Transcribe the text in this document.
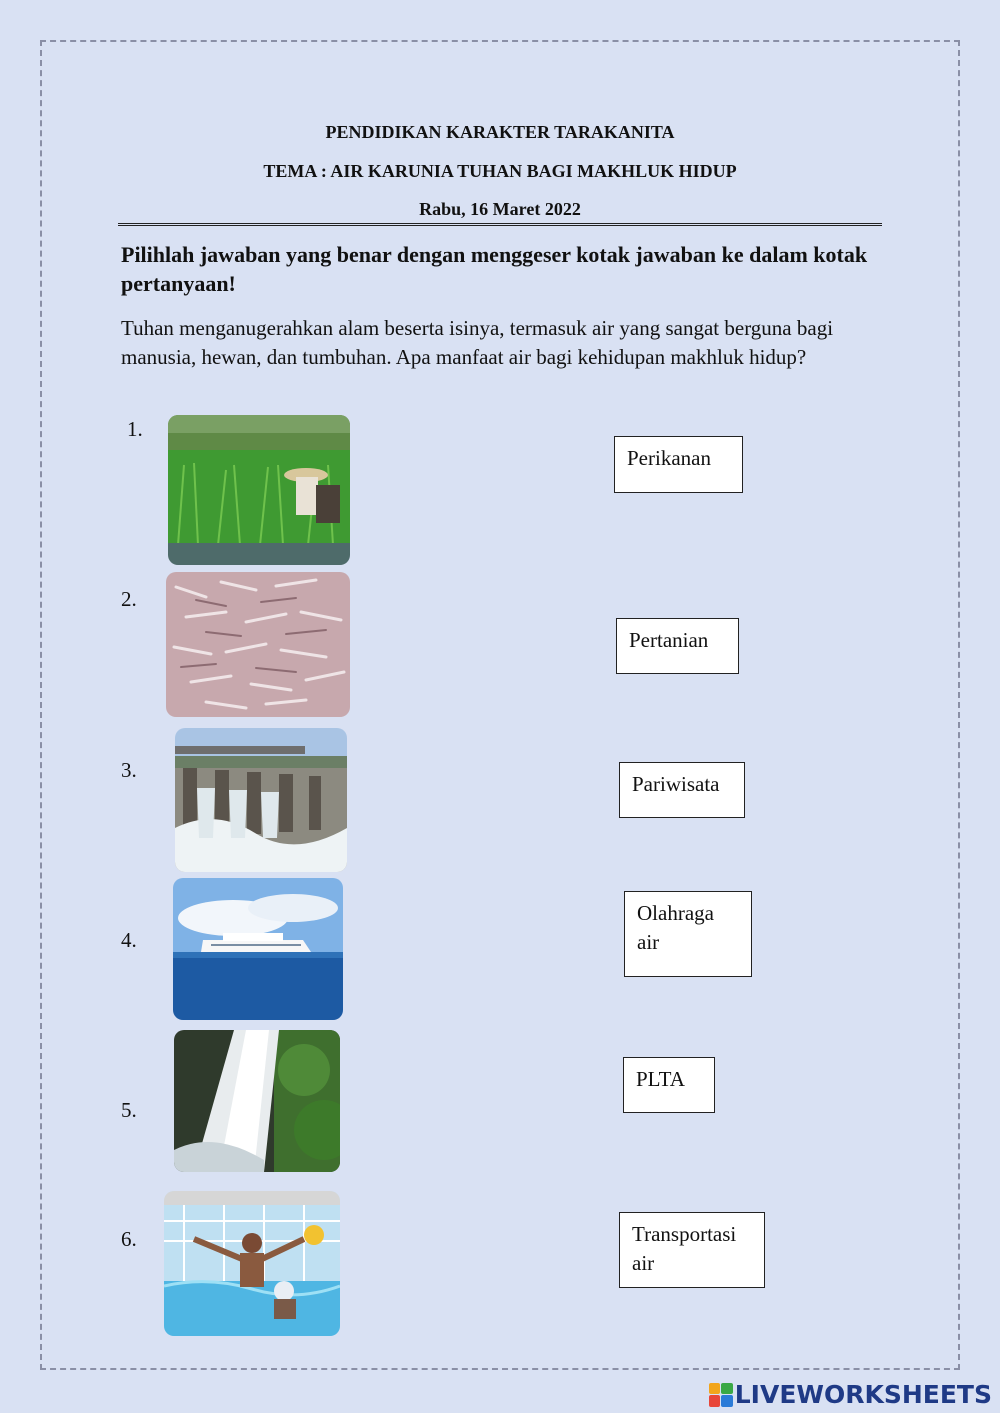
PENDIDIKAN KARAKTER TARAKANITA
TEMA : AIR KARUNIA TUHAN BAGI MAKHLUK HIDUP
Rabu, 16 Maret 2022
Pilihlah jawaban yang benar dengan menggeser kotak jawaban ke dalam kotak pertanyaan!
Tuhan menganugerahkan alam beserta isinya, termasuk air yang sangat berguna bagi manusia, hewan, dan tumbuhan. Apa manfaat air bagi kehidupan makhluk hidup?
1.
2.
3.
4.
5.
6.
Perikanan
Pertanian
Pariwisata
Olahraga air
PLTA
Transportasi air
LIVEWORKSHEETS
